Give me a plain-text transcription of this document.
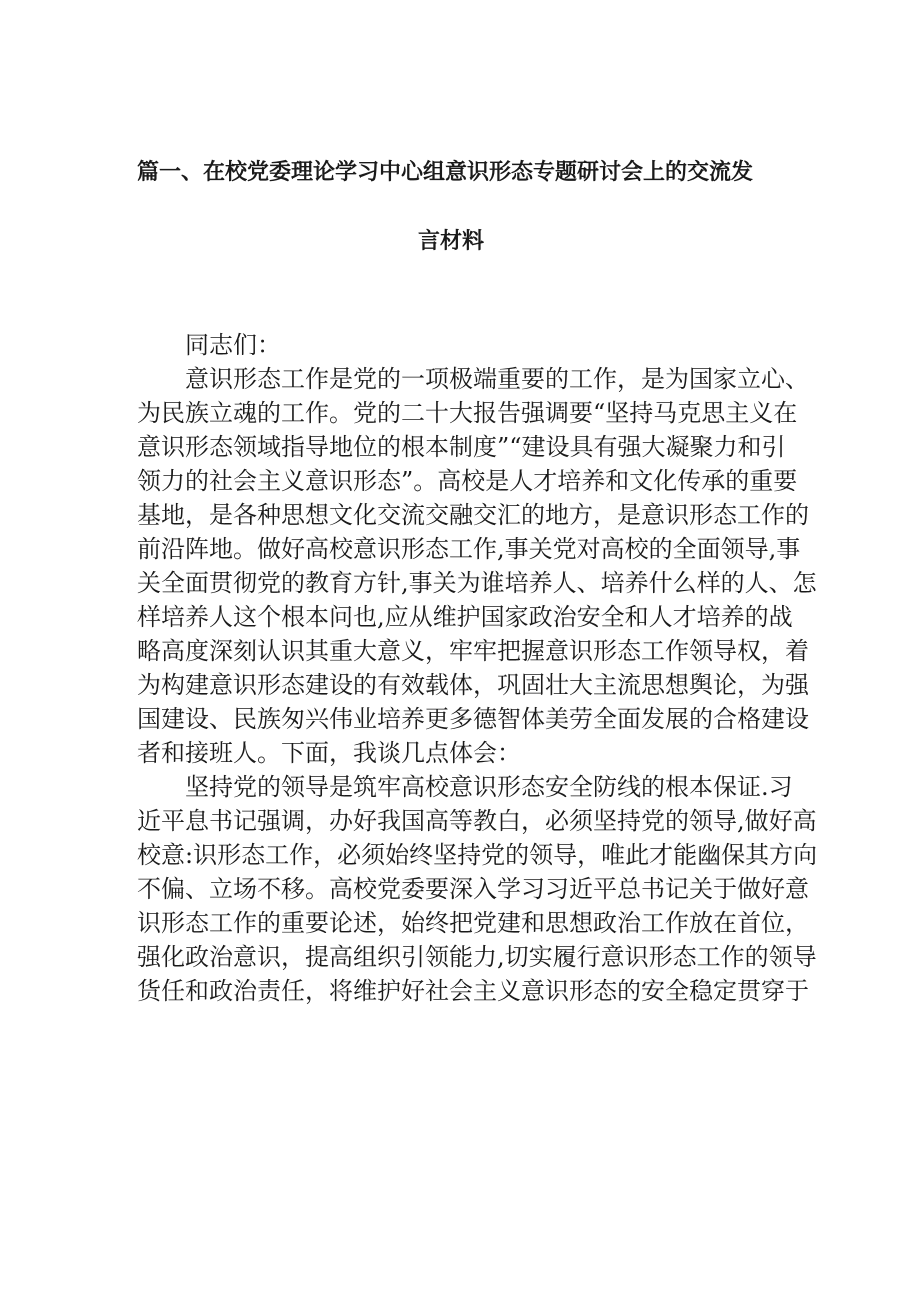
篇一、在校党委理论学习中心组意识形态专题研讨会上的交流发
言材料
同志们：
意识形态工作是党的一项极端重要的工作，是为国家立心、
为民族立魂的工作。党的二十大报告强调要“坚持马克思主义在
意识形态领域指导地位的根本制度”“建设具有强大凝聚力和引
领力的社会主义意识形态”。高校是人才培养和文化传承的重要
基地，是各种思想文化交流交融交汇的地方，是意识形态工作的
前沿阵地。做好高校意识形态工作,事关党对高校的全面领导,事
关全面贯彻党的教育方针,事关为谁培养人、培养什么样的人、怎
样培养人这个根本问也,应从维护国家政治安全和人才培养的战
略高度深刻认识其重大意义，牢牢把握意识形态工作领导权，着
为构建意识形态建设的有效载体，巩固壮大主流思想舆论，为强
国建设、民族匆兴伟业培养更多德智体美劳全面发展的合格建设
者和接班人。下面，我谈几点体会：
坚持党的领导是筑牢高校意识形态安全防线的根本保证.习
近平息书记强调，办好我国高等教白，必须坚持党的领导,做好高
校意:识形态工作，必须始终坚持党的领导，唯此才能幽保其方向
不偏、立场不移。高校党委要深入学习习近平总书记关于做好意
识形态工作的重要论述，始终把党建和思想政治工作放在首位，
强化政治意识，提高组织引领能力,切实履行意识形态工作的领导
货任和政治责任，将维护好社会主义意识形态的安全稳定贯穿于
